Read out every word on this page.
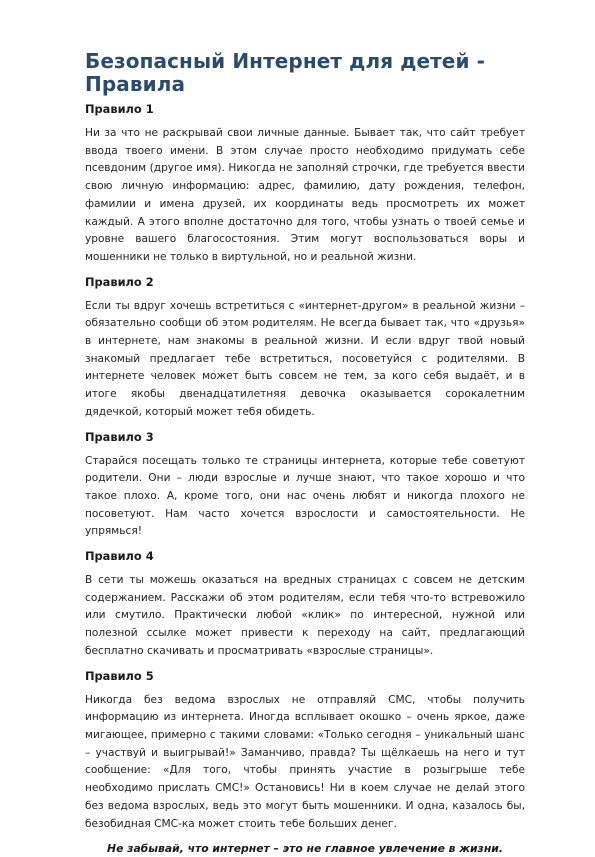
Безопасный Интернет для детей - Правила
Правило 1

Ни за что не раскрывай свои личные данные. Бывает так, что сайт требует ввода твоего имени. В этом случае просто необходимо придумать себе псевдоним (другое имя). Никогда не заполняй строчки, где требуется ввести свою личную информацию: адрес, фамилию, дату рождения, телефон, фамилии и имена друзей, их координаты ведь просмотреть их может каждый. А этого вполне достаточно для того, чтобы узнать о твоей семье и уровне вашего благосостояния. Этим могут воспользоваться воры и мошенники не только в виртульной, но и реальной жизни.

Правило 2

Если ты вдруг хочешь встретиться с «интернет-другом» в реальной жизни – обязательно сообщи об этом родителям. Не всегда бывает так, что «друзья» в интернете, нам знакомы в реальной жизни. И если вдруг твой новый знакомый предлагает тебе встретиться, посоветуйся с родителями. В интернете человек может быть совсем не тем, за кого себя выдаёт, и в итоге якобы двенадцатилетняя девочка оказывается сорокалетним дядечкой, который может тебя обидеть.

Правило 3

Старайся посещать только те страницы интернета, которые тебе советуют родители. Они – люди взрослые и лучше знают, что такое хорошо и что такое плохо. А, кроме того, они нас очень любят и никогда плохого не посоветуют. Нам часто хочется взрослости и самостоятельности. Не упрямься!

Правило 4

В сети ты можешь оказаться на вредных страницах с совсем не детским содержанием. Расскажи об этом родителям, если тебя что-то встревожило или смутило. Практически любой «клик» по интересной, нужной или полезной ссылке может привести к переходу на сайт, предлагающий бесплатно скачивать и просматривать «взрослые страницы».

Правило 5

Никогда без ведома взрослых не отправляй СМС, чтобы получить информацию из интернета. Иногда всплывает окошко – очень яркое, даже мигающее, примерно с такими словами: «Только сегодня – уникальный шанс – участвуй и выигрывай!» Заманчиво, правда? Ты щёлкаешь на него и тут сообщение: «Для того, чтобы принять участие в розыгрыше тебе необходимо прислать СМС!» Остановись! Ни в коем случае не делай этого без ведома взрослых, ведь это могут быть мошенники. И одна, казалось бы, безобидная СМС-ка может стоить тебе больших денег.

Не забывай, что интернет – это не главное увлечение в жизни.
